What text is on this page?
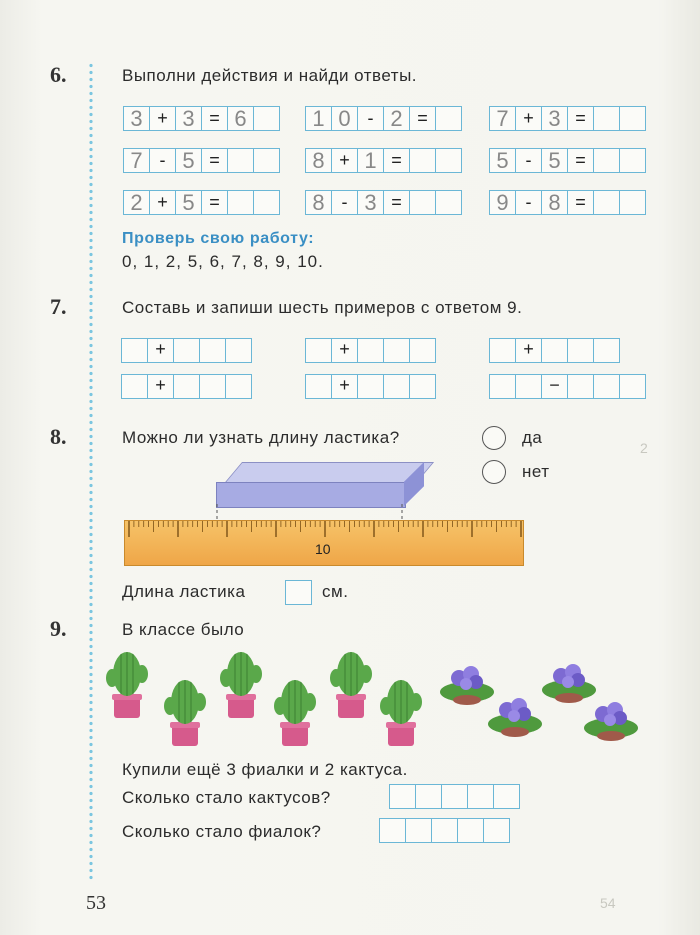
2
54
6.	Выполни действия и найди ответы.
3 + 3 = 6	1 0 - 2 =	7 + 3 =
7 - 5 =	8 + 1 =	5 - 5 =
2 + 5 =	8 - 3 =	9 - 8 =
Проверь свою работу:
0, 1, 2, 5, 6, 7, 8, 9, 10.
7.	Составь и запиши шесть примеров с ответом 9.
+	+	+
+	+	−
8.	Можно ли узнать длину ластика?	да
нет
10
Длина ластика	см.
9.	В классе было
Купили ещё 3 фиалки и 2 кактуса.
Сколько стало кактусов?
Сколько стало фиалок?
53
